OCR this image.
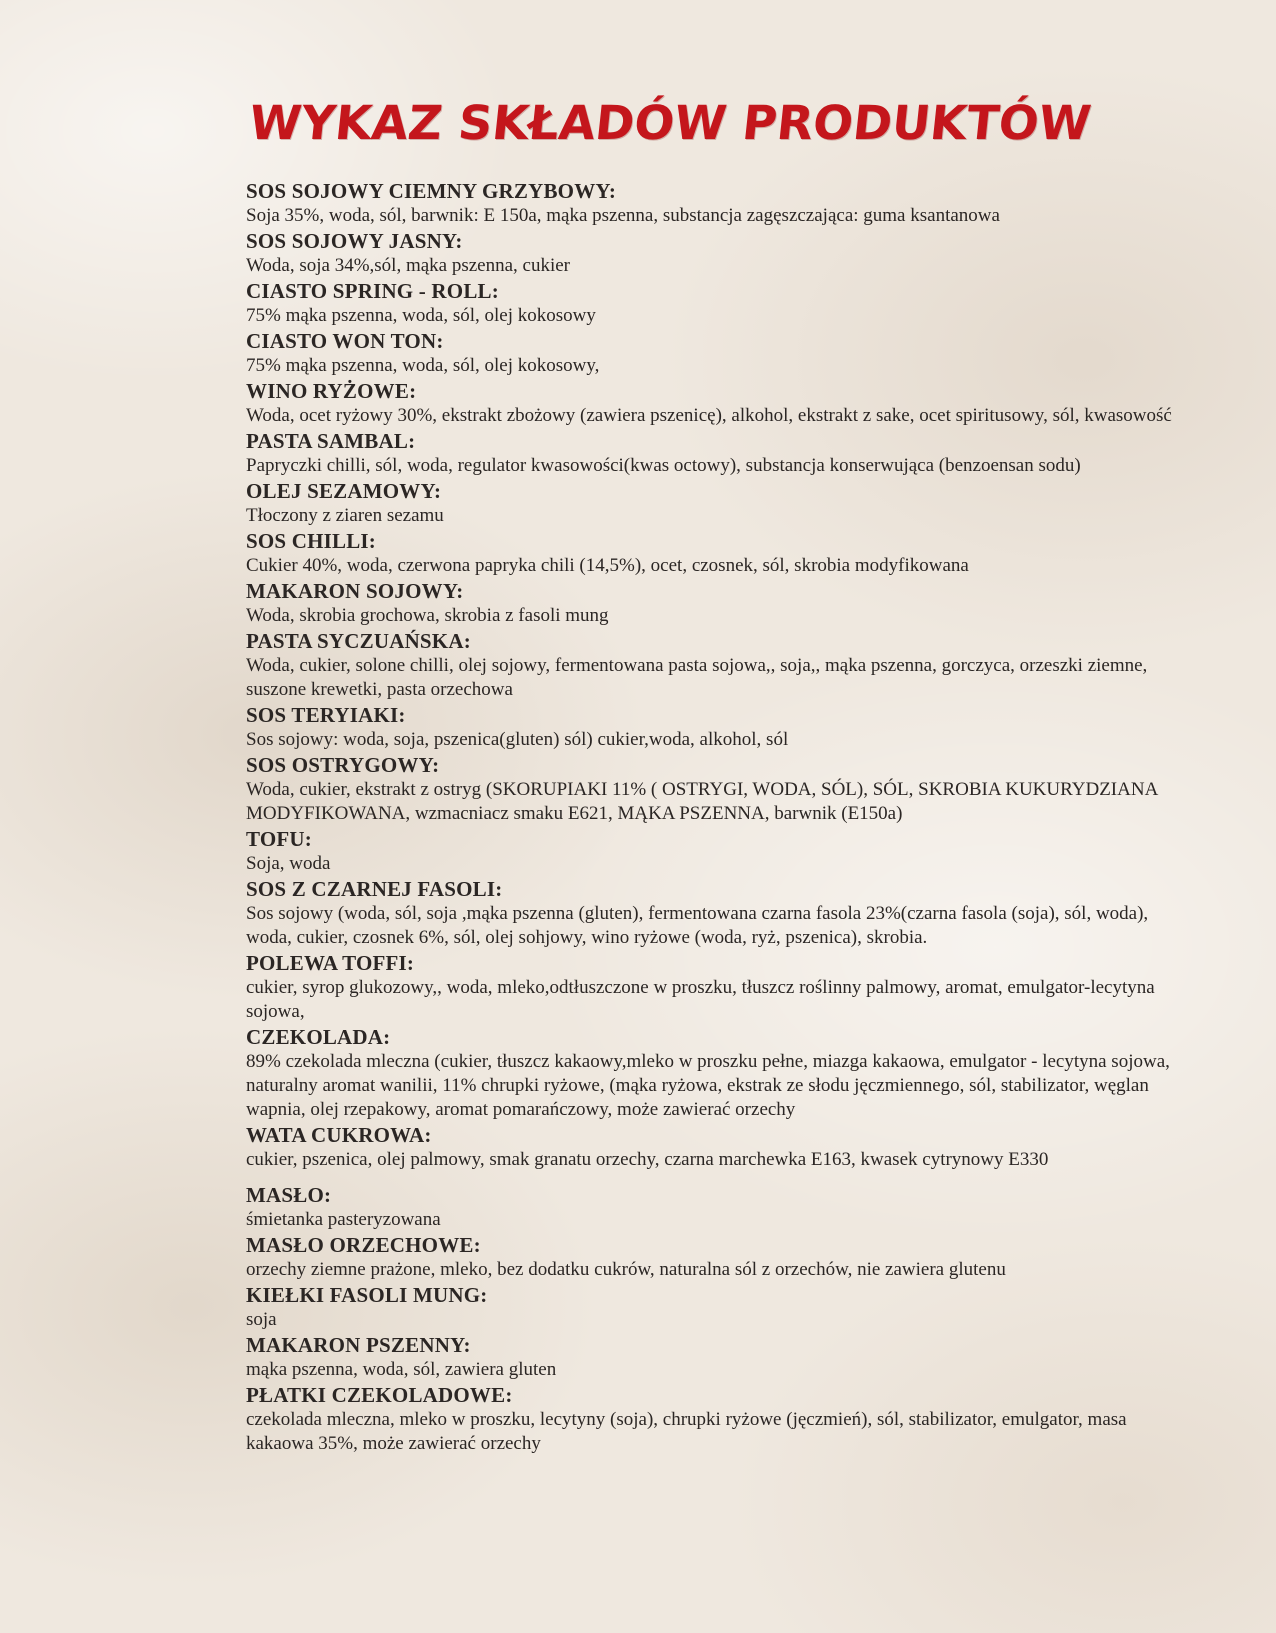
WYKAZ SKŁADÓW PRODUKTÓW
SOS SOJOWY CIEMNY GRZYBOWY:
Soja 35%, woda, sól, barwnik: E 150a, mąka pszenna, substancja zagęszczająca: guma ksantanowa
SOS SOJOWY JASNY:
Woda, soja 34%,sól, mąka pszenna, cukier
CIASTO SPRING - ROLL:
75% mąka pszenna, woda, sól, olej kokosowy
CIASTO WON TON:
75% mąka pszenna, woda, sól, olej kokosowy,
WINO RYŻOWE:
Woda, ocet ryżowy 30%, ekstrakt zbożowy (zawiera pszenicę), alkohol, ekstrakt z sake, ocet spiritusowy, sól, kwasowość
PASTA SAMBAL:
Papryczki chilli, sól, woda, regulator kwasowości(kwas octowy), substancja konserwująca (benzoensan sodu)
OLEJ SEZAMOWY:
Tłoczony z ziaren sezamu
SOS CHILLI:
Cukier 40%, woda, czerwona papryka chili (14,5%), ocet, czosnek, sól, skrobia modyfikowana
MAKARON SOJOWY:
Woda, skrobia grochowa, skrobia z fasoli mung
PASTA SYCZUAŃSKA:
Woda, cukier, solone chilli, olej sojowy, fermentowana pasta sojowa,, soja,, mąka pszenna, gorczyca, orzeszki ziemne, suszone krewetki, pasta orzechowa
SOS TERYIAKI:
Sos sojowy: woda, soja, pszenica(gluten) sól) cukier,woda, alkohol, sól
SOS OSTRYGOWY:
Woda, cukier, ekstrakt z ostryg (SKORUPIAKI 11% ( OSTRYGI, WODA, SÓL), SÓL, SKROBIA KUKURYDZIANA MODYFIKOWANA, wzmacniacz smaku E621, MĄKA PSZENNA, barwnik (E150a)
TOFU:
Soja, woda
SOS Z CZARNEJ FASOLI:
Sos sojowy (woda, sól, soja ,mąka pszenna (gluten), fermentowana czarna fasola 23%(czarna fasola (soja), sól, woda), woda, cukier, czosnek 6%, sól, olej sohjowy, wino ryżowe (woda, ryż, pszenica), skrobia.
POLEWA TOFFI:
cukier, syrop glukozowy,, woda, mleko,odtłuszczone w proszku, tłuszcz roślinny palmowy, aromat, emulgator-lecytyna sojowa,
CZEKOLADA:
89% czekolada mleczna (cukier, tłuszcz kakaowy,mleko w proszku pełne, miazga kakaowa, emulgator - lecytyna sojowa, naturalny aromat wanilii, 11% chrupki ryżowe, (mąka ryżowa, ekstrak ze słodu jęczmiennego, sól, stabilizator, węglan wapnia, olej rzepakowy, aromat pomarańczowy, może zawierać orzechy
WATA CUKROWA:
cukier, pszenica, olej palmowy, smak granatu orzechy, czarna marchewka E163, kwasek cytrynowy E330
MASŁO:
śmietanka pasteryzowana
MASŁO ORZECHOWE:
orzechy ziemne prażone, mleko, bez dodatku cukrów, naturalna sól z orzechów, nie zawiera glutenu
KIEŁKI FASOLI MUNG:
soja
MAKARON PSZENNY:
mąka pszenna, woda, sól, zawiera gluten
PŁATKI CZEKOLADOWE:
czekolada mleczna, mleko w proszku, lecytyny (soja), chrupki ryżowe (jęczmień), sól, stabilizator, emulgator, masa kakaowa 35%, może zawierać orzechy
